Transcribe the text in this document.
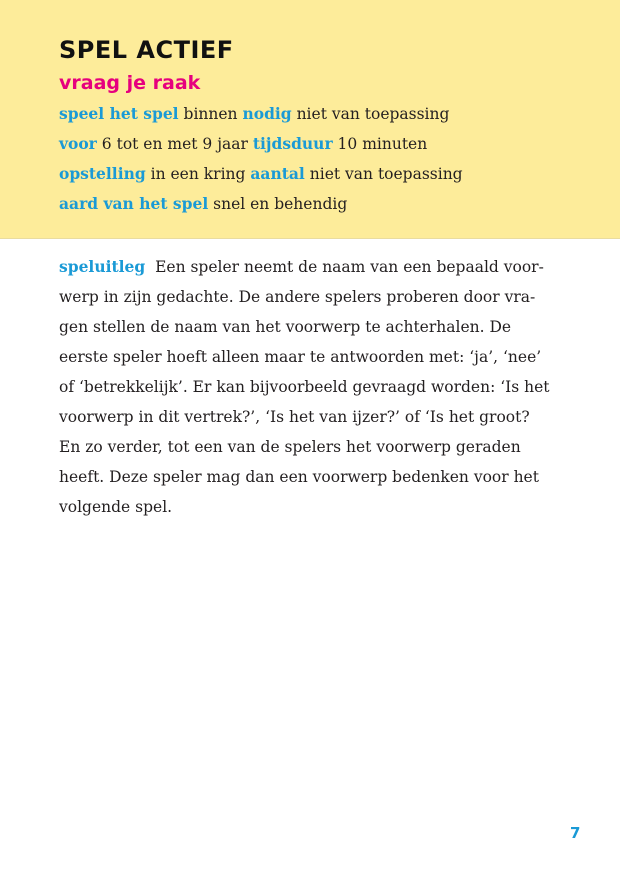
SPEL ACTIEF
vraag je raak

speel het spel binnen nodig niet van toepassing

voor 6 tot en met 9 jaar tijdsduur 10 minuten

opstelling in een kring aantal niet van toepassing

aard van het spel snel en behendig

speluitleg Een speler neemt de naam van een bepaald voor-
werp in zijn gedachte. De andere spelers proberen door vra-
gen stellen de naam van het voorwerp te achterhalen. De
eerste speler hoeft alleen maar te antwoorden met: ‘ja’, ‘nee’
of ‘betrekkelijk’. Er kan bijvoorbeeld gevraagd worden: ‘Is het
voorwerp in dit vertrek?’, ‘Is het van ijzer?’ of ‘Is het groot?
En zo verder, tot een van de spelers het voorwerp geraden
heeft. Deze speler mag dan een voorwerp bedenken voor het
volgende spel.

7
